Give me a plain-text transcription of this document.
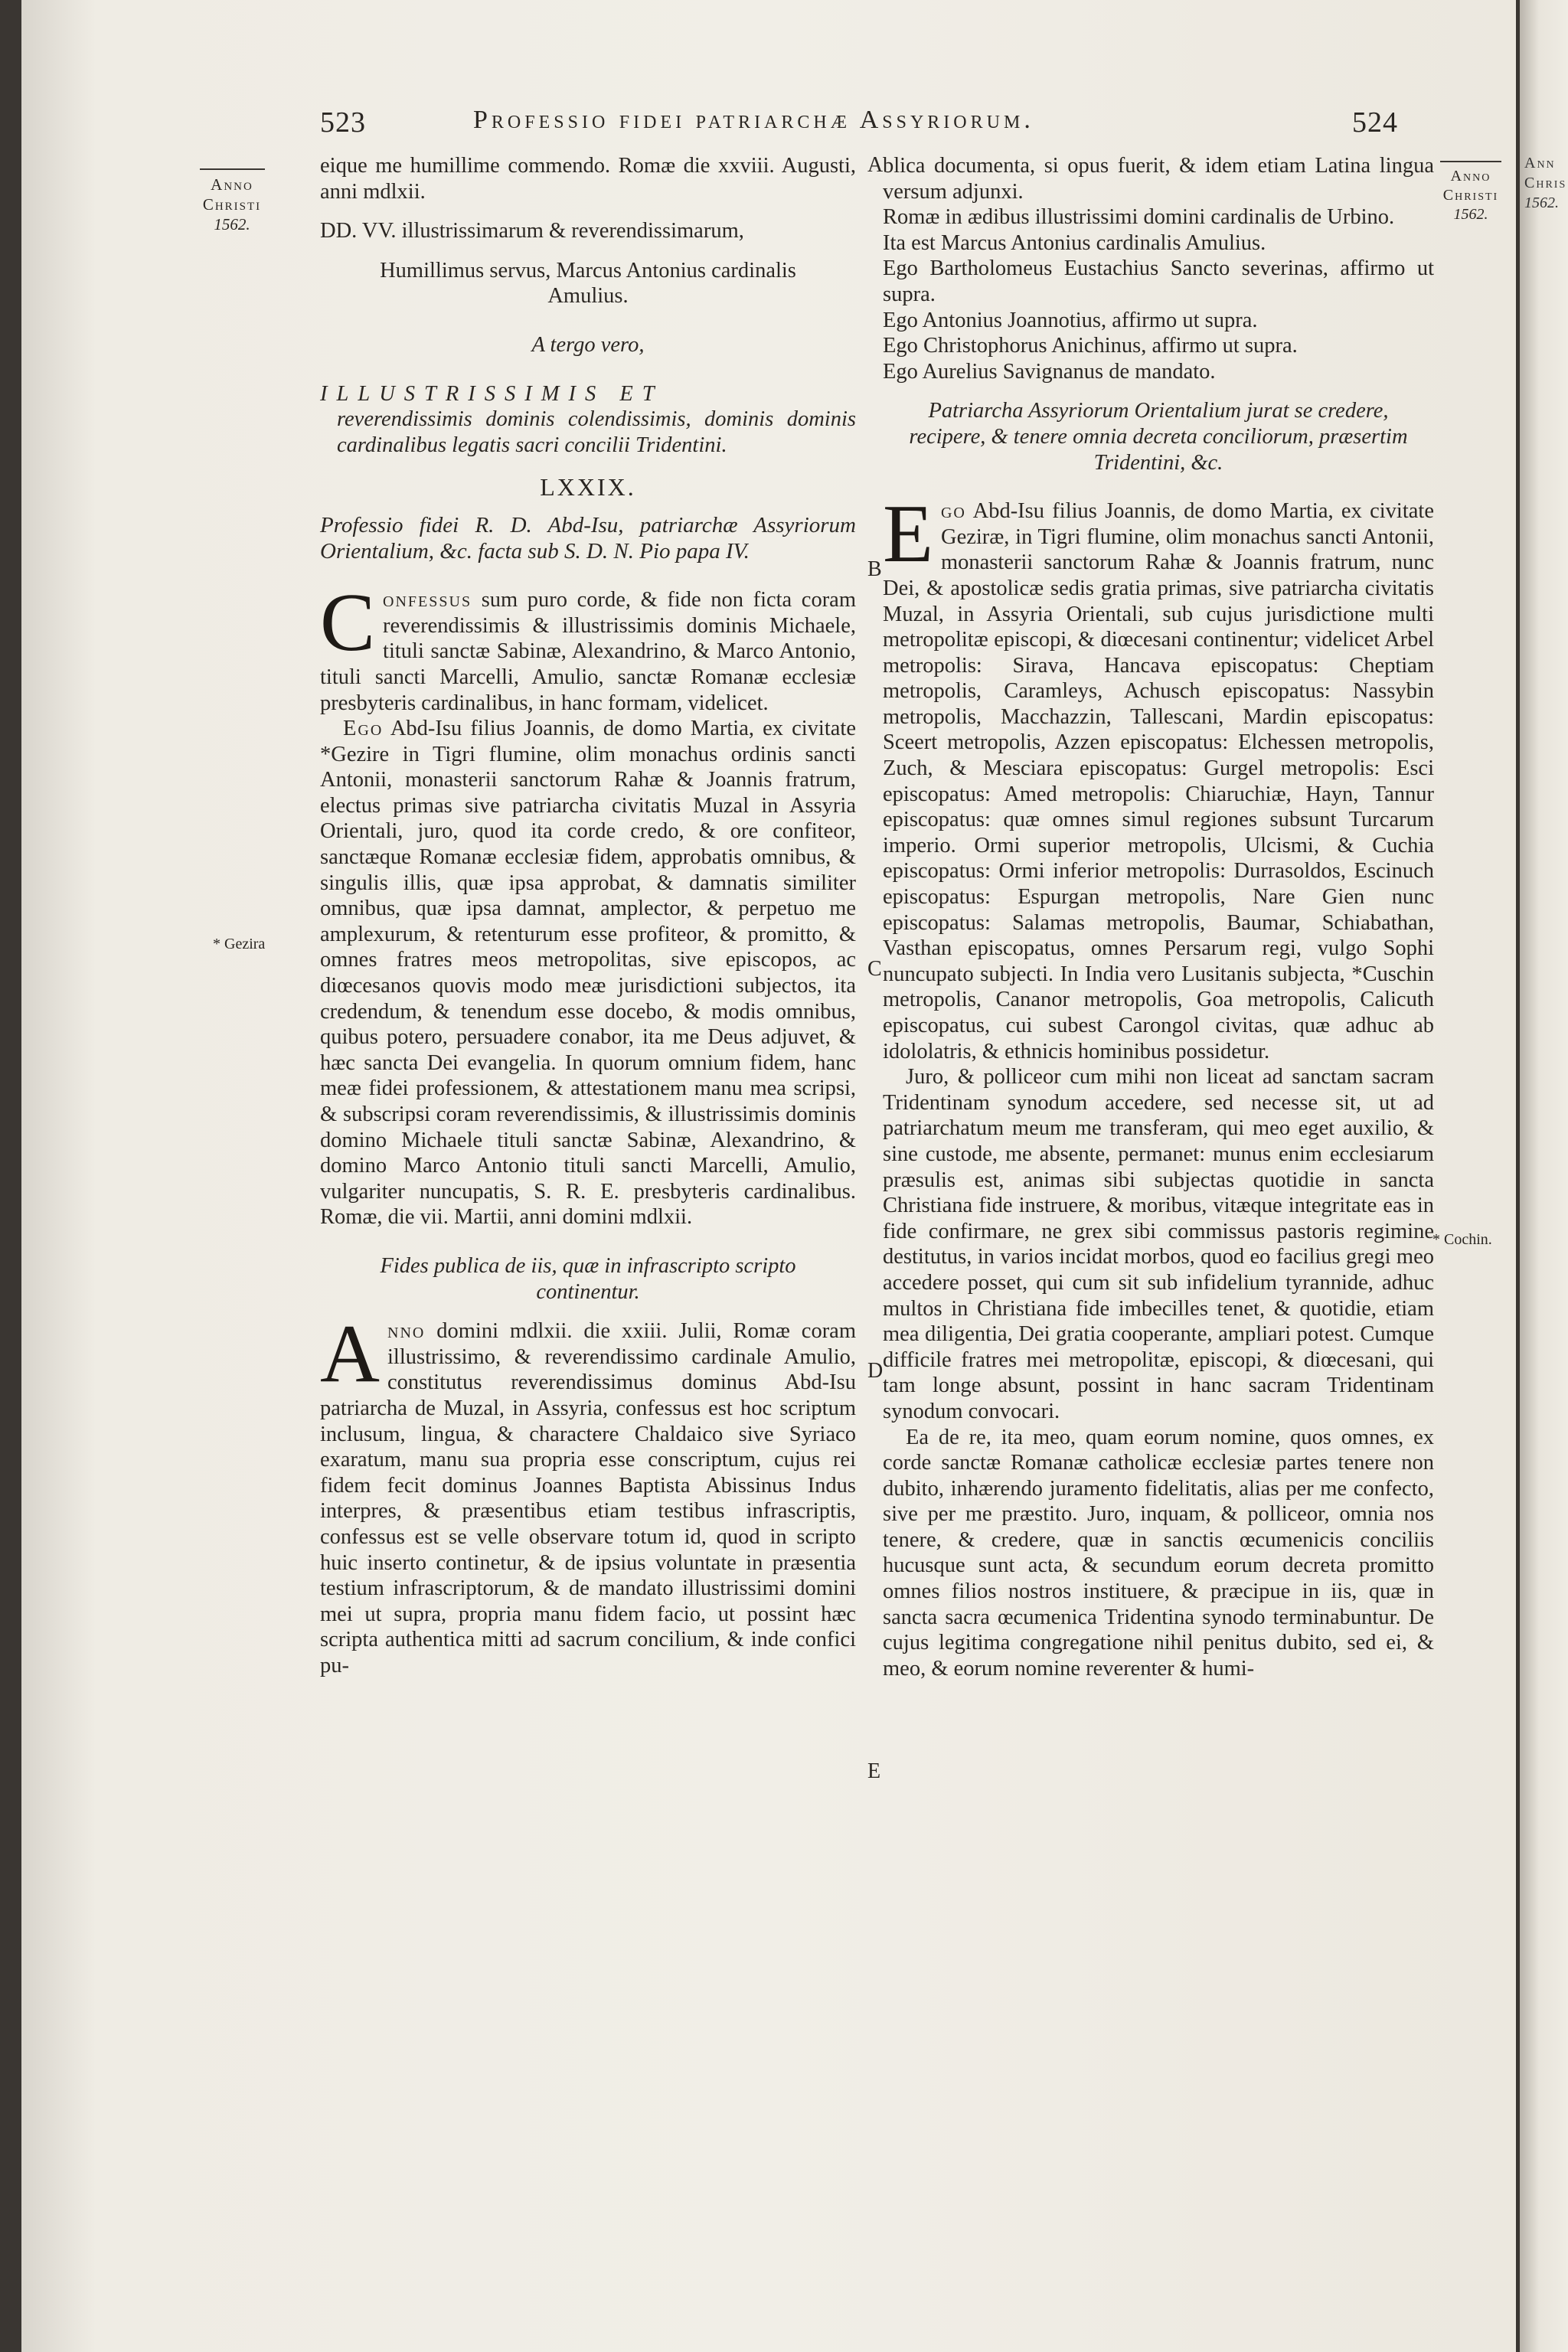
523	Professio fidei patriarchæ Assyriorum.	524
Anno
Christi
1562.
* Gezira
Anno
Christi
1562.
* Cochin.
A
B
C
D
E

eique me humillime commendo. Romæ die xxviii. Augusti, anni mdlxii.

DD. VV. illustrissimarum & reverendissimarum,

Humillimus servus, Marcus Antonius cardinalis Amulius.

A tergo vero,

ILLUSTRISSIMIS ET

reverendissimis dominis colendissimis, dominis dominis cardinalibus legatis sacri concilii Tridentini.

LXXIX.

Professio fidei R. D. Abd-Isu, patriarchæ Assyriorum Orientalium, &c. facta sub S. D. N. Pio papa IV.

Confessus sum puro corde, & fide non ficta coram reverendissimis & illustrissimis dominis Michaele, tituli sanctæ Sabinæ, Alexandrino, & Marco Antonio, tituli sancti Marcelli, Amulio, sanctæ Romanæ ecclesiæ presbyteris cardinalibus, in hanc formam, videlicet.

Ego Abd-Isu filius Joannis, de domo Martia, ex civitate *Gezire in Tigri flumine, olim monachus ordinis sancti Antonii, monasterii sanctorum Rahæ & Joannis fratrum, electus primas sive patriarcha civitatis Muzal in Assyria Orientali, juro, quod ita corde credo, & ore confiteor, sanctæque Romanæ ecclesiæ fidem, approbatis omnibus, & singulis illis, quæ ipsa approbat, & damnatis similiter omnibus, quæ ipsa damnat, amplector, & perpetuo me amplexurum, & retenturum esse profiteor, & promitto, & omnes fratres meos metropolitas, sive episcopos, ac diœcesanos quovis modo meæ jurisdictioni subjectos, ita credendum, & tenendum esse docebo, & modis omnibus, quibus potero, persuadere conabor, ita me Deus adjuvet, & hæc sancta Dei evangelia. In quorum omnium fidem, hanc meæ fidei professionem, & attestationem manu mea scripsi, & subscripsi coram reverendissimis, & illustrissimis dominis domino Michaele tituli sanctæ Sabinæ, Alexandrino, & domino Marco Antonio tituli sancti Marcelli, Amulio, vulgariter nuncupatis, S. R. E. presbyteris cardinalibus. Romæ, die vii. Martii, anni domini mdlxii.

Fides publica de iis, quæ in infrascripto scripto continentur.

Anno domini mdlxii. die xxiii. Julii, Romæ coram illustrissimo, & reverendissimo cardinale Amulio, constitutus reverendissimus dominus Abd-Isu patriarcha de Muzal, in Assyria, confessus est hoc scriptum inclusum, lingua, & charactere Chaldaico sive Syriaco exaratum, manu sua propria esse conscriptum, cujus rei fidem fecit dominus Joannes Baptista Abissinus Indus interpres, & præsentibus etiam testibus infrascriptis, confessus est se velle observare totum id, quod in scripto huic inserto continetur, & de ipsius voluntate in præsentia testium infrascriptorum, & de mandato illustrissimi domini mei ut supra, propria manu fidem facio, ut possint hæc scripta authentica mitti ad sacrum concilium, & inde confici pu-

blica documenta, si opus fuerit, & idem etiam Latina lingua versum adjunxi.

Romæ in ædibus illustrissimi domini cardinalis de Urbino.

Ita est Marcus Antonius cardinalis Amulius.

Ego Bartholomeus Eustachius Sancto severinas, affirmo ut supra.

Ego Antonius Joannotius, affirmo ut supra.

Ego Christophorus Anichinus, affirmo ut supra.

Ego Aurelius Savignanus de mandato.

Patriarcha Assyriorum Orientalium jurat se credere, recipere, & tenere omnia decreta conciliorum, præsertim Tridentini, &c.

Ego Abd-Isu filius Joannis, de domo Martia, ex civitate Geziræ, in Tigri flumine, olim monachus sancti Antonii, monasterii sanctorum Rahæ & Joannis fratrum, nunc Dei, & apostolicæ sedis gratia primas, sive patriarcha civitatis Muzal, in Assyria Orientali, sub cujus jurisdictione multi metropolitæ episcopi, & diœcesani continentur; videlicet Arbel metropolis: Sirava, Hancava episcopatus: Cheptiam metropolis, Caramleys, Achusch episcopatus: Nassybin metropolis, Macchazzin, Tallescani, Mardin episcopatus: Sceert metropolis, Azzen episcopatus: Elchessen metropolis, Zuch, & Mesciara episcopatus: Gurgel metropolis: Esci episcopatus: Amed metropolis: Chiaruchiæ, Hayn, Tannur episcopatus: quæ omnes simul regiones subsunt Turcarum imperio. Ormi superior metropolis, Ulcismi, & Cuchia episcopatus: Ormi inferior metropolis: Durrasoldos, Escinuch episcopatus: Espurgan metropolis, Nare Gien nunc episcopatus: Salamas metropolis, Baumar, Schiabathan, Vasthan episcopatus, omnes Persarum regi, vulgo Sophi nuncupato subjecti. In India vero Lusitanis subjecta, *Cuschin metropolis, Cananor metropolis, Goa metropolis, Calicuth episcopatus, cui subest Carongol civitas, quæ adhuc ab idololatris, & ethnicis hominibus possidetur.

Juro, & polliceor cum mihi non liceat ad sanctam sacram Tridentinam synodum accedere, sed necesse sit, ut ad patriarchatum meum me transferam, qui meo eget auxilio, & sine custode, me absente, permanet: munus enim ecclesiarum præsulis est, animas sibi subjectas quotidie in sancta Christiana fide instruere, & moribus, vitæque integritate eas in fide confirmare, ne grex sibi commissus pastoris regimine destitutus, in varios incidat morbos, quod eo facilius gregi meo accedere posset, qui cum sit sub infidelium tyrannide, adhuc multos in Christiana fide imbecilles tenet, & quotidie, etiam mea diligentia, Dei gratia cooperante, ampliari potest. Cumque difficile fratres mei metropolitæ, episcopi, & diœcesani, qui tam longe absunt, possint in hanc sacram Tridentinam synodum convocari.

Ea de re, ita meo, quam eorum nomine, quos omnes, ex corde sanctæ Romanæ catholicæ ecclesiæ partes tenere non dubito, inhærendo juramento fidelitatis, alias per me confecto, sive per me præstito. Juro, inquam, & polliceor, omnia nos tenere, & credere, quæ in sanctis œcumenicis conciliis hucusque sunt acta, & secundum eorum decreta promitto omnes filios nostros instituere, & præcipue in iis, quæ in sancta sacra œcumenica Tridentina synodo terminabuntur. De cujus legitima congregatione nihil penitus dubito, sed ei, & meo, & eorum nomine reverenter & humi-

Ann
Chris
1562.
